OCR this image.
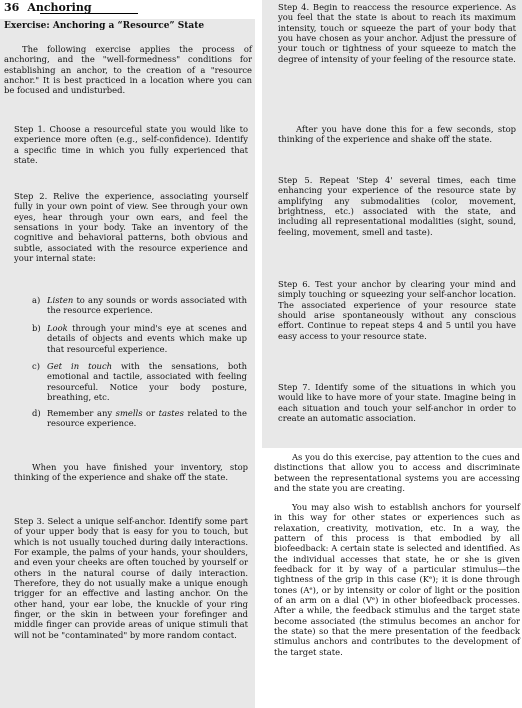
36 Anchoring

Exercise: Anchoring a “Resource” State

The following exercise applies the process of anchoring, and the "well-formedness" conditions for establishing an anchor, to the creation of a "resource anchor." It is best practiced in a location where you can be focused and undisturbed.

Step 1. Choose a resourceful state you would like to experience more often (e.g., self-confidence). Identify a specific time in which you fully experienced that state.

Step 2. Relive the experience, associating yourself fully in your own point of view. See through your own eyes, hear through your own ears, and feel the sensations in your body. Take an inventory of the cognitive and behavioral patterns, both obvious and subtle, associated with the resource experience and your internal state:

a) Listen to any sounds or words associated with the resource experience.

b) Look through your mind's eye at scenes and details of objects and events which make up that resourceful experience.

c) Get in touch with the sensations, both emotional and tactile, associated with feeling resourceful. Notice your body posture, breathing, etc.

d) Remember any smells or tastes related to the resource experience.

When you have finished your inventory, stop thinking of the experience and shake off the state.

Step 3. Select a unique self-anchor. Identify some part of your upper body that is easy for you to touch, but which is not usually touched during daily interactions. For example, the palms of your hands, your shoulders, and even your cheeks are often touched by yourself or others in the natural course of daily interaction. Therefore, they do not usually make a unique enough trigger for an effective and lasting anchor. On the other hand, your ear lobe, the knuckle of your ring finger, or the skin in between your forefinger and middle finger can provide areas of unique stimuli that will not be "contaminated" by more random contact.

Step 4. Begin to reaccess the resource experience. As you feel that the state is about to reach its maximum intensity, touch or squeeze the part of your body that you have chosen as your anchor. Adjust the pressure of your touch or tightness of your squeeze to match the degree of intensity of your feeling of the resource state.

After you have done this for a few seconds, stop thinking of the experience and shake off the state.

Step 5. Repeat 'Step 4' several times, each time enhancing your experience of the resource state by amplifying any submodalities (color, movement, brightness, etc.) associated with the state, and including all representational modalities (sight, sound, feeling, movement, smell and taste).

Step 6. Test your anchor by clearing your mind and simply touching or squeezing your self-anchor location. The associated experience of your resource state should arise spontaneously without any conscious effort. Continue to repeat steps 4 and 5 until you have easy access to your resource state.

Step 7. Identify some of the situations in which you would like to have more of your state. Imagine being in each situation and touch your self-anchor in order to create an automatic association.

As you do this exercise, pay attention to the cues and distinctions that allow you to access and discriminate between the representational systems you are accessing and the state you are creating.

You may also wish to establish anchors for yourself in this way for other states or experiences such as relaxation, creativity, motivation, etc. In a way, the pattern of this process is that embodied by all biofeedback: A certain state is selected and identified. As the individual accesses that state, he or she is given feedback for it by way of a particular stimulus—the tightness of the grip in this case (Kᵉ); it is done through tones (Aᵉ), or by intensity or color of light or the position of an arm on a dial (Vᵉ) in other biofeedback processes. After a while, the feedback stimulus and the target state become associated (the stimulus becomes an anchor for the state) so that the mere presentation of the feedback stimulus anchors and contributes to the development of the target state.
